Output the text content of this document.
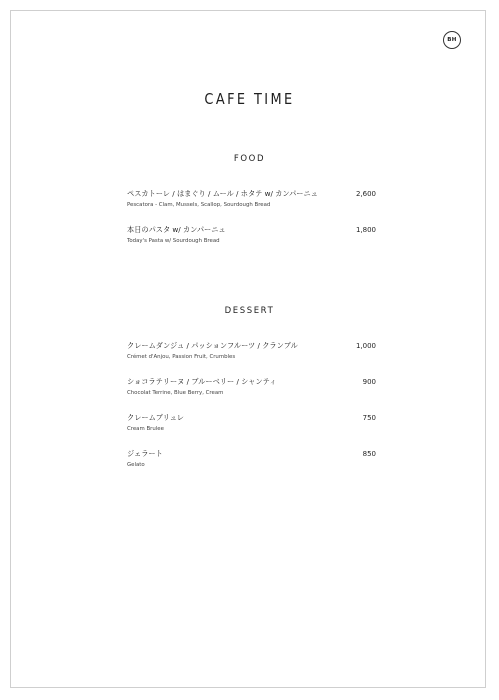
BH
CAFE TIME
FOOD
ペスカトーレ / はまぐり / ムール / ホタテ w/ カンパーニュ
Pescatora - Clam, Mussels, Scallop, Sourdough Bread
2,600
本日のパスタ w/ カンパーニュ
Today's Pasta w/ Sourdough Bread
1,800
DESSERT
クレームダンジュ / パッションフルーツ / クランブル
Crémet d'Anjou, Passion Fruit, Crumbles
1,000
ショコラテリーヌ / ブルーベリー / シャンティ
Chocolat Terrine, Blue Berry, Cream
900
クレームブリュレ
Cream Brulee
750
ジェラート
Gelato
850
